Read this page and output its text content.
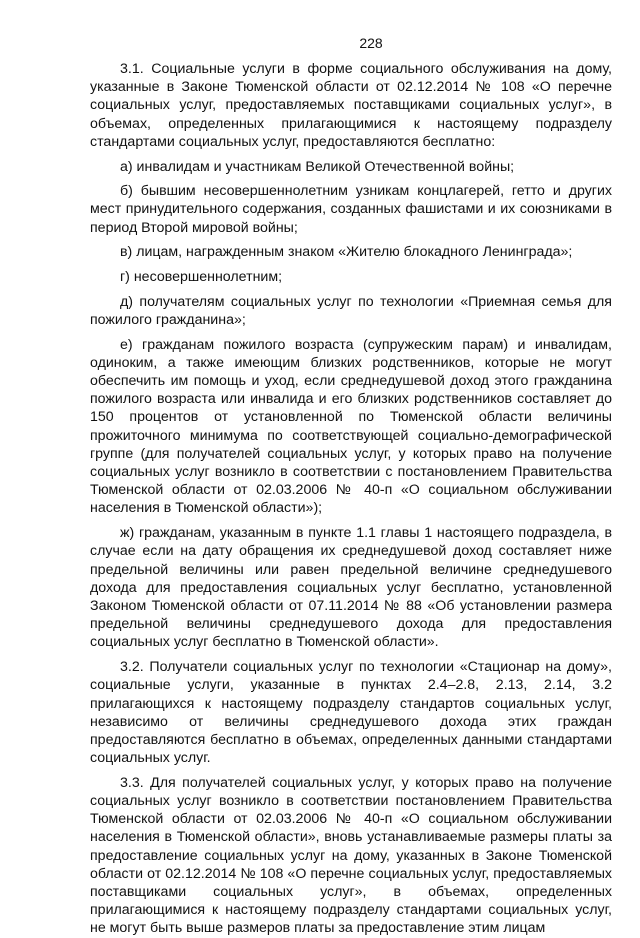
228

3.1. Социальные услуги в форме социального обслуживания на дому, указанные в Законе Тюменской области от 02.12.2014 № 108 «О перечне социальных услуг, предоставляемых поставщиками социальных услуг», в объемах, определенных прилагающимися к настоящему подразделу стандартами социальных услуг, предоставляются бесплатно:

а) инвалидам и участникам Великой Отечественной войны;

б) бывшим несовершеннолетним узникам концлагерей, гетто и других мест принудительного содержания, созданных фашистами и их союзниками в период Второй мировой войны;

в) лицам, награжденным знаком «Жителю блокадного Ленинграда»;

г) несовершеннолетним;

д) получателям социальных услуг по технологии «Приемная семья для пожилого гражданина»;

е) гражданам пожилого возраста (супружеским парам) и инвалидам, одиноким, а также имеющим близких родственников, которые не могут обеспечить им помощь и уход, если среднедушевой доход этого гражданина пожилого возраста или инвалида и его близких родственников составляет до 150 процентов от установленной по Тюменской области величины прожиточного минимума по соответствующей социально-демографической группе (для получателей социальных услуг, у которых право на получение социальных услуг возникло в соответствии с постановлением Правительства Тюменской области от 02.03.2006 № 40-п «О социальном обслуживании населения в Тюменской области»);

ж) гражданам, указанным в пункте 1.1 главы 1 настоящего подраздела, в случае если на дату обращения их среднедушевой доход составляет ниже предельной величины или равен предельной величине среднедушевого дохода для предоставления социальных услуг бесплатно, установленной Законом Тюменской области от 07.11.2014 № 88 «Об установлении размера предельной величины среднедушевого дохода для предоставления социальных услуг бесплатно в Тюменской области».

3.2. Получатели социальных услуг по технологии «Стационар на дому», социальные услуги, указанные в пунктах 2.4–2.8, 2.13, 2.14, 3.2 прилагающихся к настоящему подразделу стандартов социальных услуг, независимо от величины среднедушевого дохода этих граждан предоставляются бесплатно в объемах, определенных данными стандартами социальных услуг.

3.3. Для получателей социальных услуг, у которых право на получение социальных услуг возникло в соответствии постановлением Правительства Тюменской области от 02.03.2006 № 40-п «О социальном обслуживании населения в Тюменской области», вновь устанавливаемые размеры платы за предоставление социальных услуг на дому, указанных в Законе Тюменской области от 02.12.2014 № 108 «О перечне социальных услуг, предоставляемых поставщиками социальных услуг», в объемах, определенных прилагающимися к настоящему подразделу стандартами социальных услуг, не могут быть выше размеров платы за предоставление этим лицам
